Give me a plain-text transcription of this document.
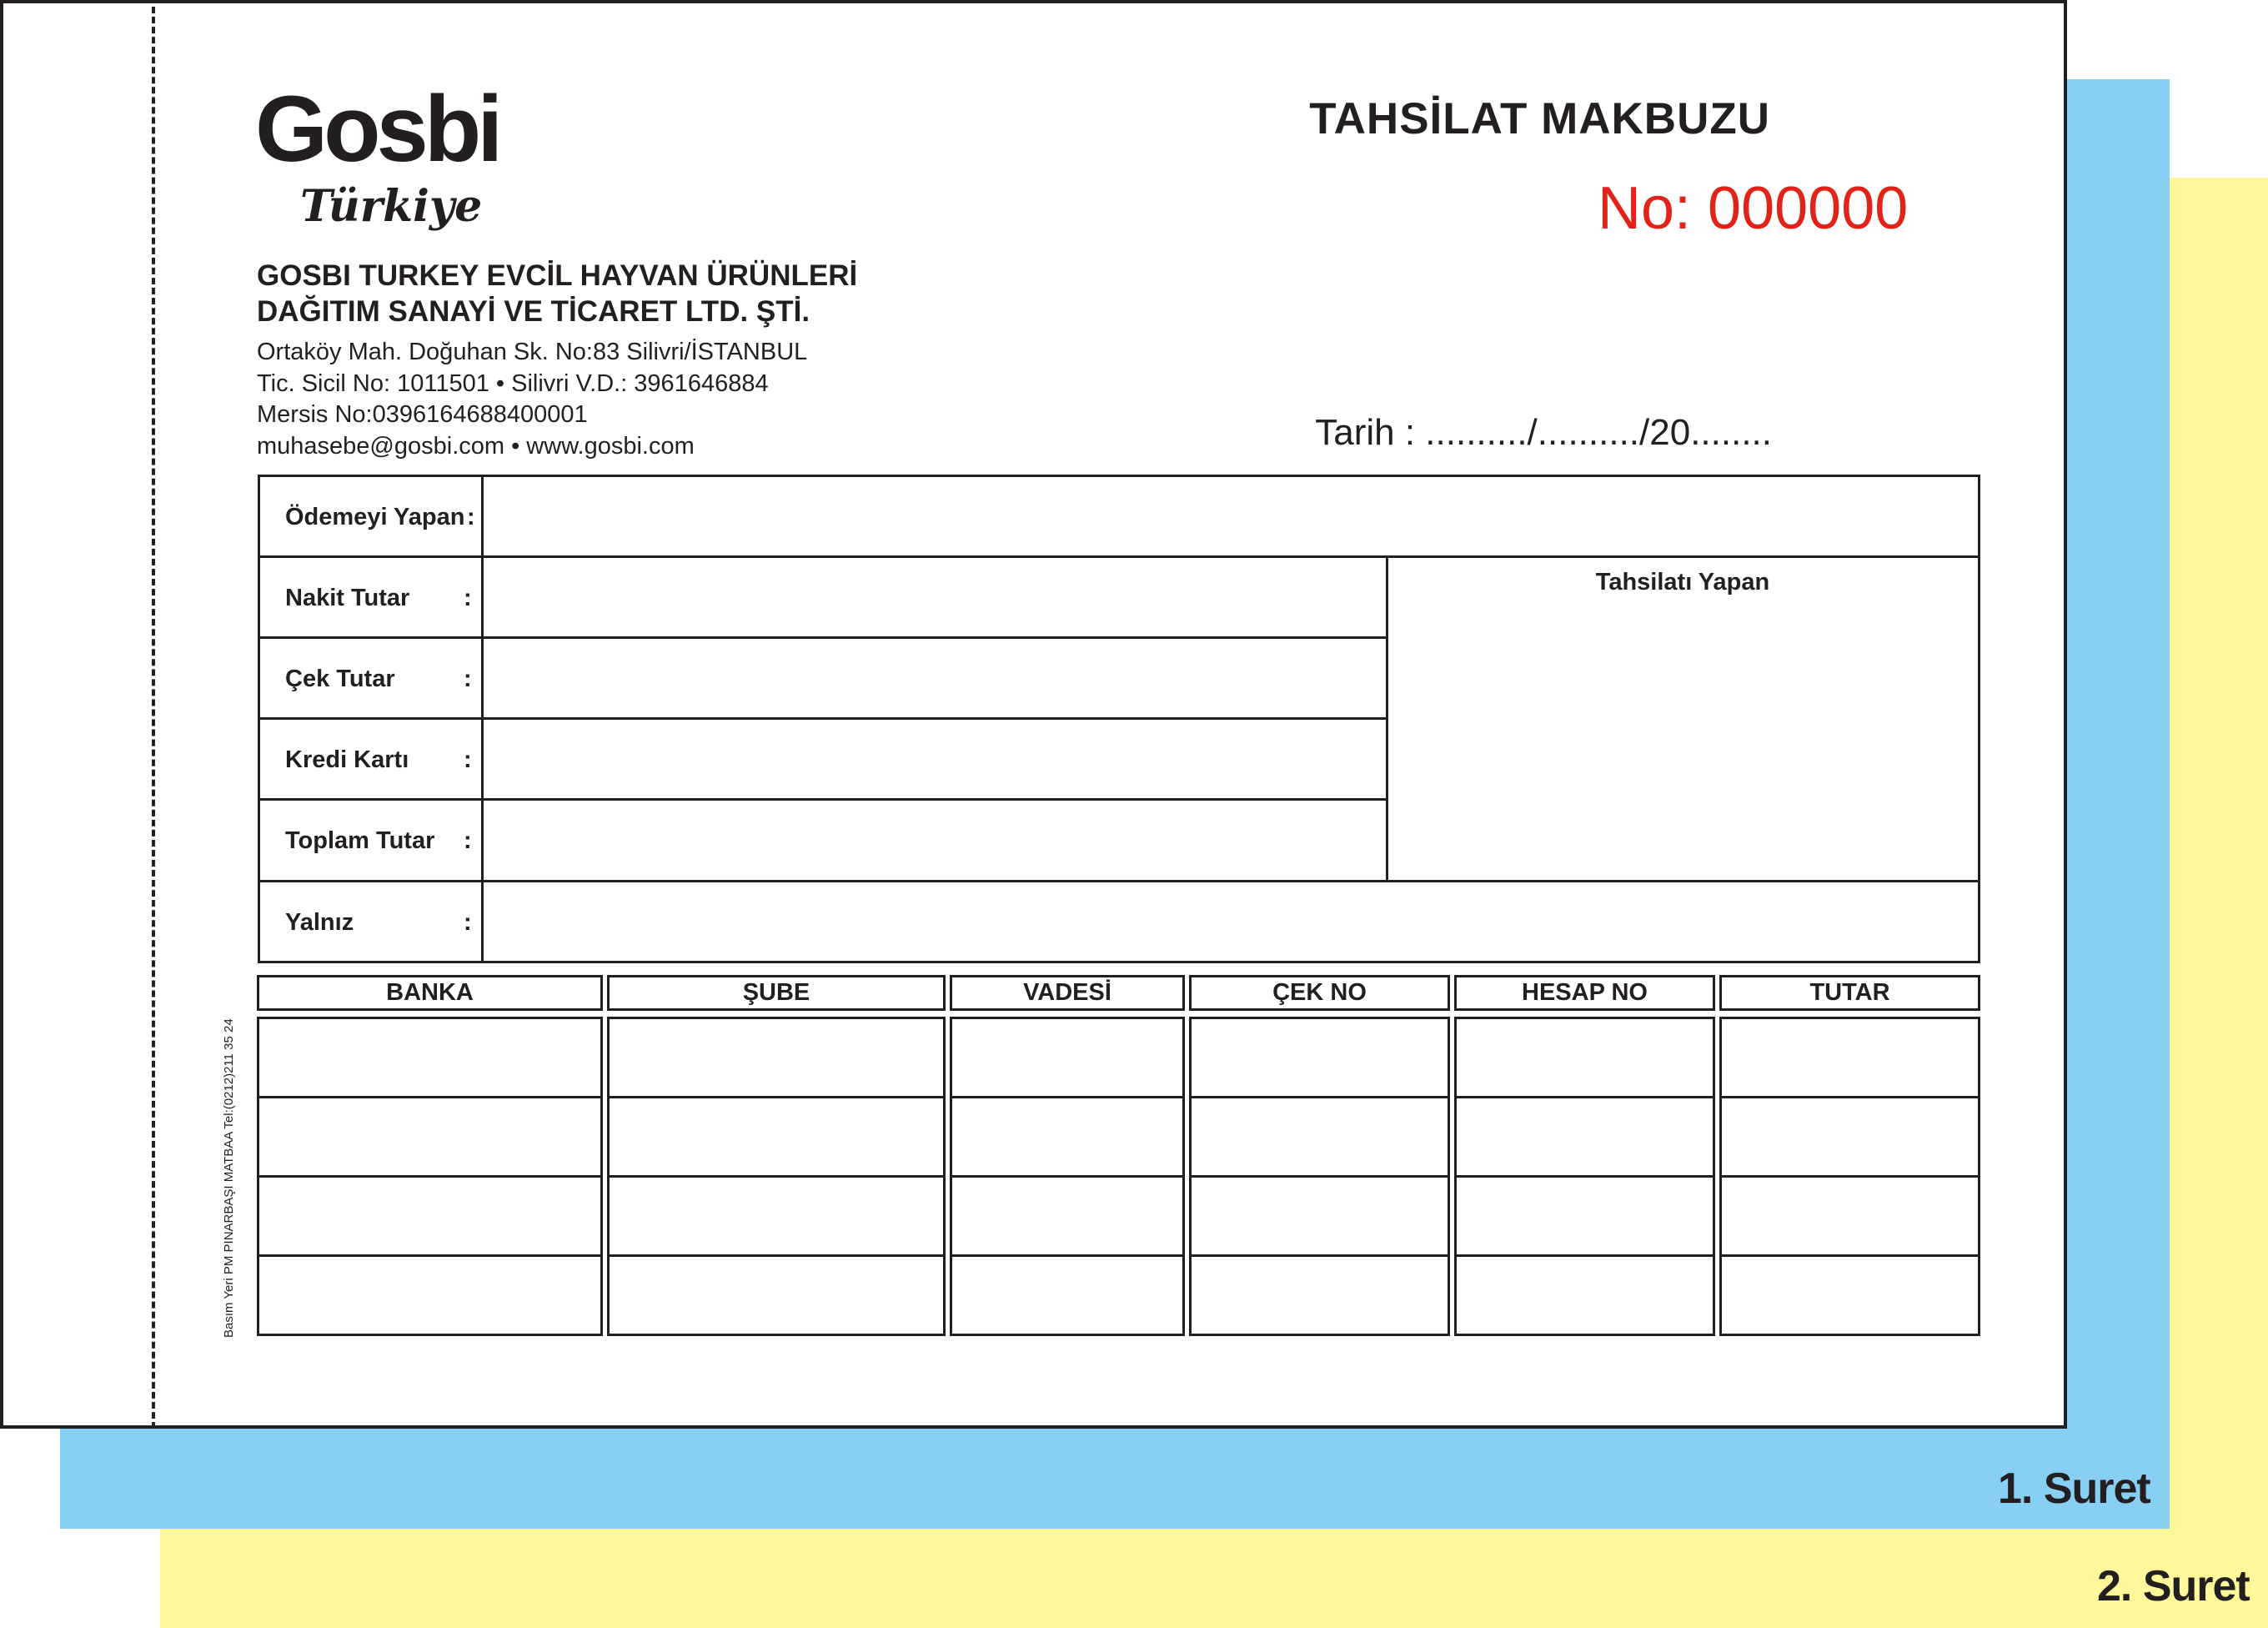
1. Suret
2. Suret
Gosbi
Türkiye
GOSBI TURKEY EVCİL HAYVAN ÜRÜNLERİ
DAĞITIM SANAYİ VE TİCARET LTD. ŞTİ.
Ortaköy Mah. Doğuhan Sk. No:83 Silivri/İSTANBUL
Tic. Sicil No: 1011501 • Silivri V.D.: 3961646884
Mersis No:0396164688400001
muhasebe@gosbi.com • www.gosbi.com
TAHSİLAT MAKBUZU
No: 000000
Tarih : ........../........../20........
Ödemeyi Yapan :
Nakit Tutar	:
Çek Tutar	:
Kredi Kartı	:
Toplam Tutar	:
Yalnız	:
Tahsilatı Yapan
BANKA	ŞUBE	VADESİ	ÇEK NO	HESAP NO	TUTAR
Basım Yeri PM PINARBAŞI MATBAA Tel:(0212)211 35 24
